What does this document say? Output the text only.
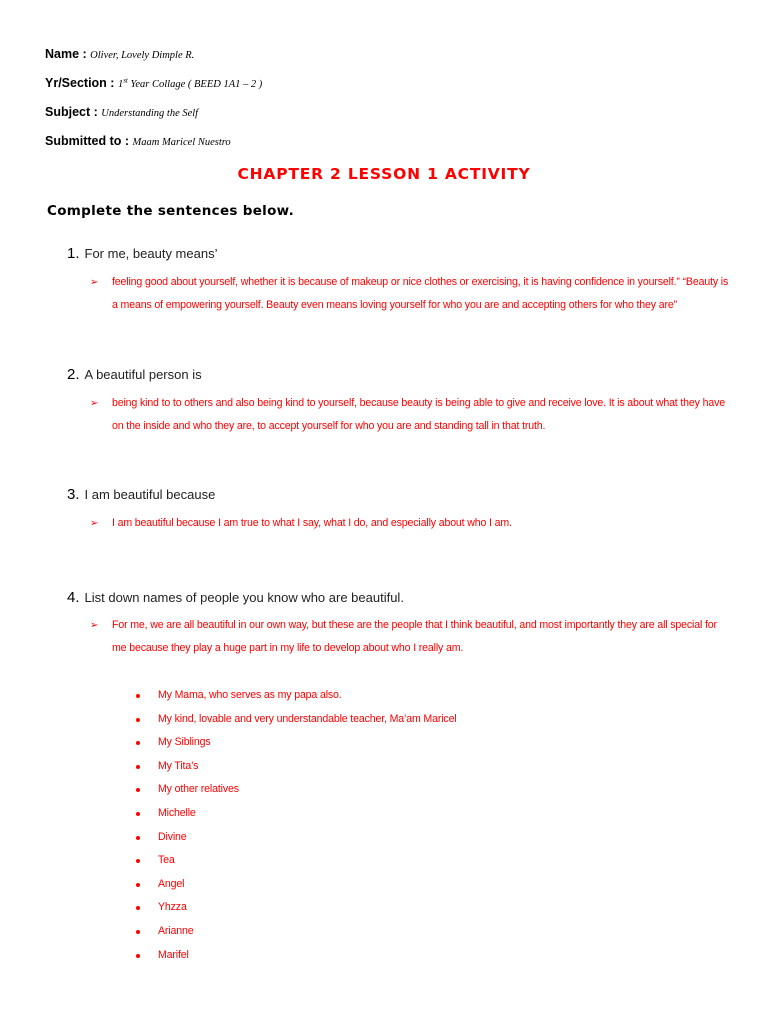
Name : Oliver, Lovely Dimple R.
Yr/Section : 1st Year Collage ( BEED 1A1 – 2 )
Subject : Understanding the Self
Submitted to : Maam Maricel Nuestro
CHAPTER 2 LESSON 1 ACTIVITY
Complete the sentences below.
1. For me, beauty means’
➢	feeling good about yourself, whether it is because of makeup or nice clothes or exercising, it is having confidence in yourself.” “Beauty is a means of empowering yourself. Beauty even means loving yourself for who you are and accepting others for who they are”
2. A beautiful person is
➢	being kind to to others and also being kind to yourself, because beauty is being able to give and receive love. It is about what they have on the inside and who they are, to accept yourself for who you are and standing tall in that truth.
3. I am beautiful because
➢	I am beautiful because I am true to what I say, what I do, and especially about who I am.
4. List down names of people you know who are beautiful.
➢	For me, we are all beautiful in our own way, but these are the people that I think beautiful, and most importantly they are all special for me because they play a huge part in my life to develop about who I really am.
My Mama, who serves as my papa also.
My kind, lovable and very understandable teacher, Ma’am Maricel
My Siblings
My Tita’s
My other relatives
Michelle
Divine
Tea
Angel
Yhzza
Arianne
Marifel
